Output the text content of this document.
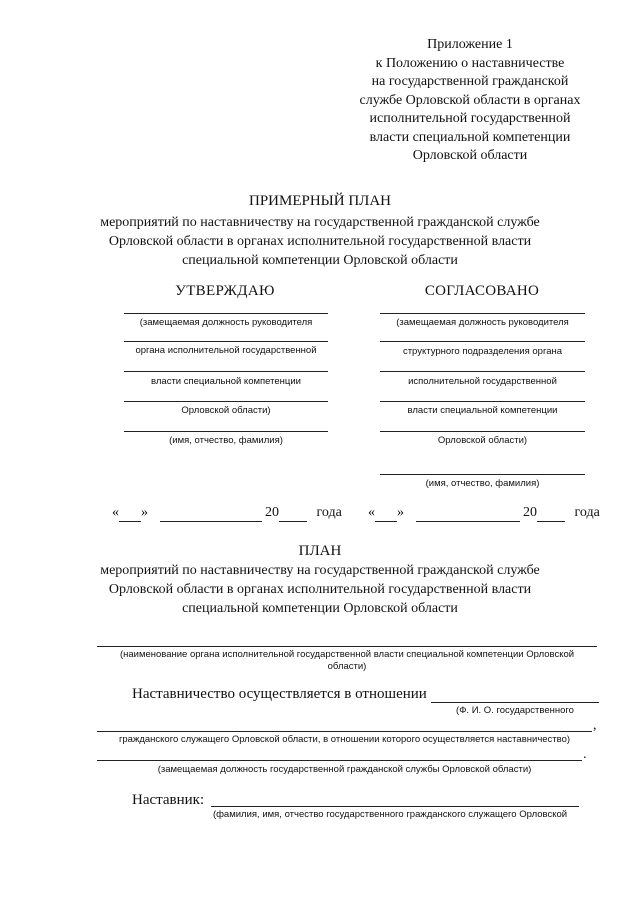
Приложение 1
к Положению о наставничестве
на государственной гражданской
службе Орловской области в органах
исполнительной государственной
власти специальной компетенции
Орловской области
ПРИМЕРНЫЙ ПЛАН
мероприятий по наставничеству на государственной гражданской службе
Орловской области в органах исполнительной государственной власти
специальной компетенции Орловской области
УТВЕРЖДАЮ
(замещаемая должность руководителя
органа исполнительной государственной
власти специальной компетенции
Орловской области)
(имя, отчество, фамилия)
« »	20	года
СОГЛАСОВАНО
(замещаемая должность руководителя
структурного подразделения органа
исполнительной государственной
власти специальной компетенции
Орловской области)
(имя, отчество, фамилия)
« »	20	года
ПЛАН
мероприятий по наставничеству на государственной гражданской службе
Орловской области в органах исполнительной государственной власти
специальной компетенции Орловской области
(наименование органа исполнительной государственной власти специальной компетенции Орловской
области)
Наставничество осуществляется в отношении
(Ф. И. О. государственного
,
гражданского служащего Орловской области, в отношении которого осуществляется наставничество)
.
(замещаемая должность государственной гражданской службы Орловской области)
Наставник:
(фамилия, имя, отчество государственного гражданского служащего Орловской
